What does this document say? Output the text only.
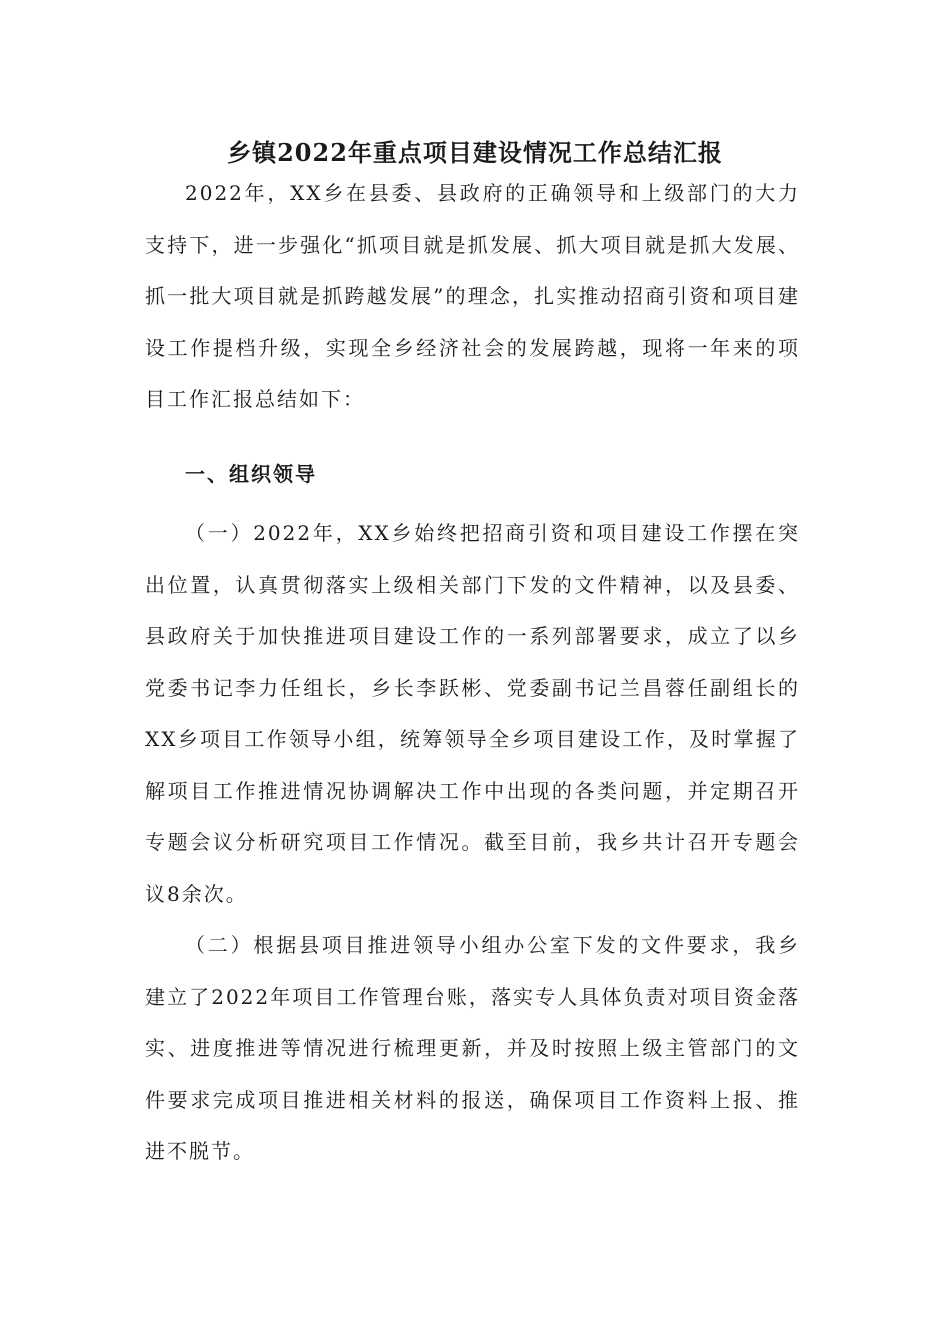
乡镇2022年重点项目建设情况工作总结汇报

2022年，XX乡在县委、县政府的正确领导和上级部门的大力支持下，进一步强化“抓项目就是抓发展、抓大项目就是抓大发展、抓一批大项目就是抓跨越发展”的理念，扎实推动招商引资和项目建设工作提档升级，实现全乡经济社会的发展跨越，现将一年来的项目工作汇报总结如下：

一、组织领导

（一）2022年，XX乡始终把招商引资和项目建设工作摆在突出位置，认真贯彻落实上级相关部门下发的文件精神，以及县委、县政府关于加快推进项目建设工作的一系列部署要求，成立了以乡党委书记李力任组长，乡长李跃彬、党委副书记兰昌蓉任副组长的XX乡项目工作领导小组，统筹领导全乡项目建设工作，及时掌握了解项目工作推进情况协调解决工作中出现的各类问题，并定期召开专题会议分析研究项目工作情况。截至目前，我乡共计召开专题会议8余次。

（二）根据县项目推进领导小组办公室下发的文件要求，我乡建立了2022年项目工作管理台账，落实专人具体负责对项目资金落实、进度推进等情况进行梳理更新，并及时按照上级主管部门的文件要求完成项目推进相关材料的报送，确保项目工作资料上报、推进不脱节。
